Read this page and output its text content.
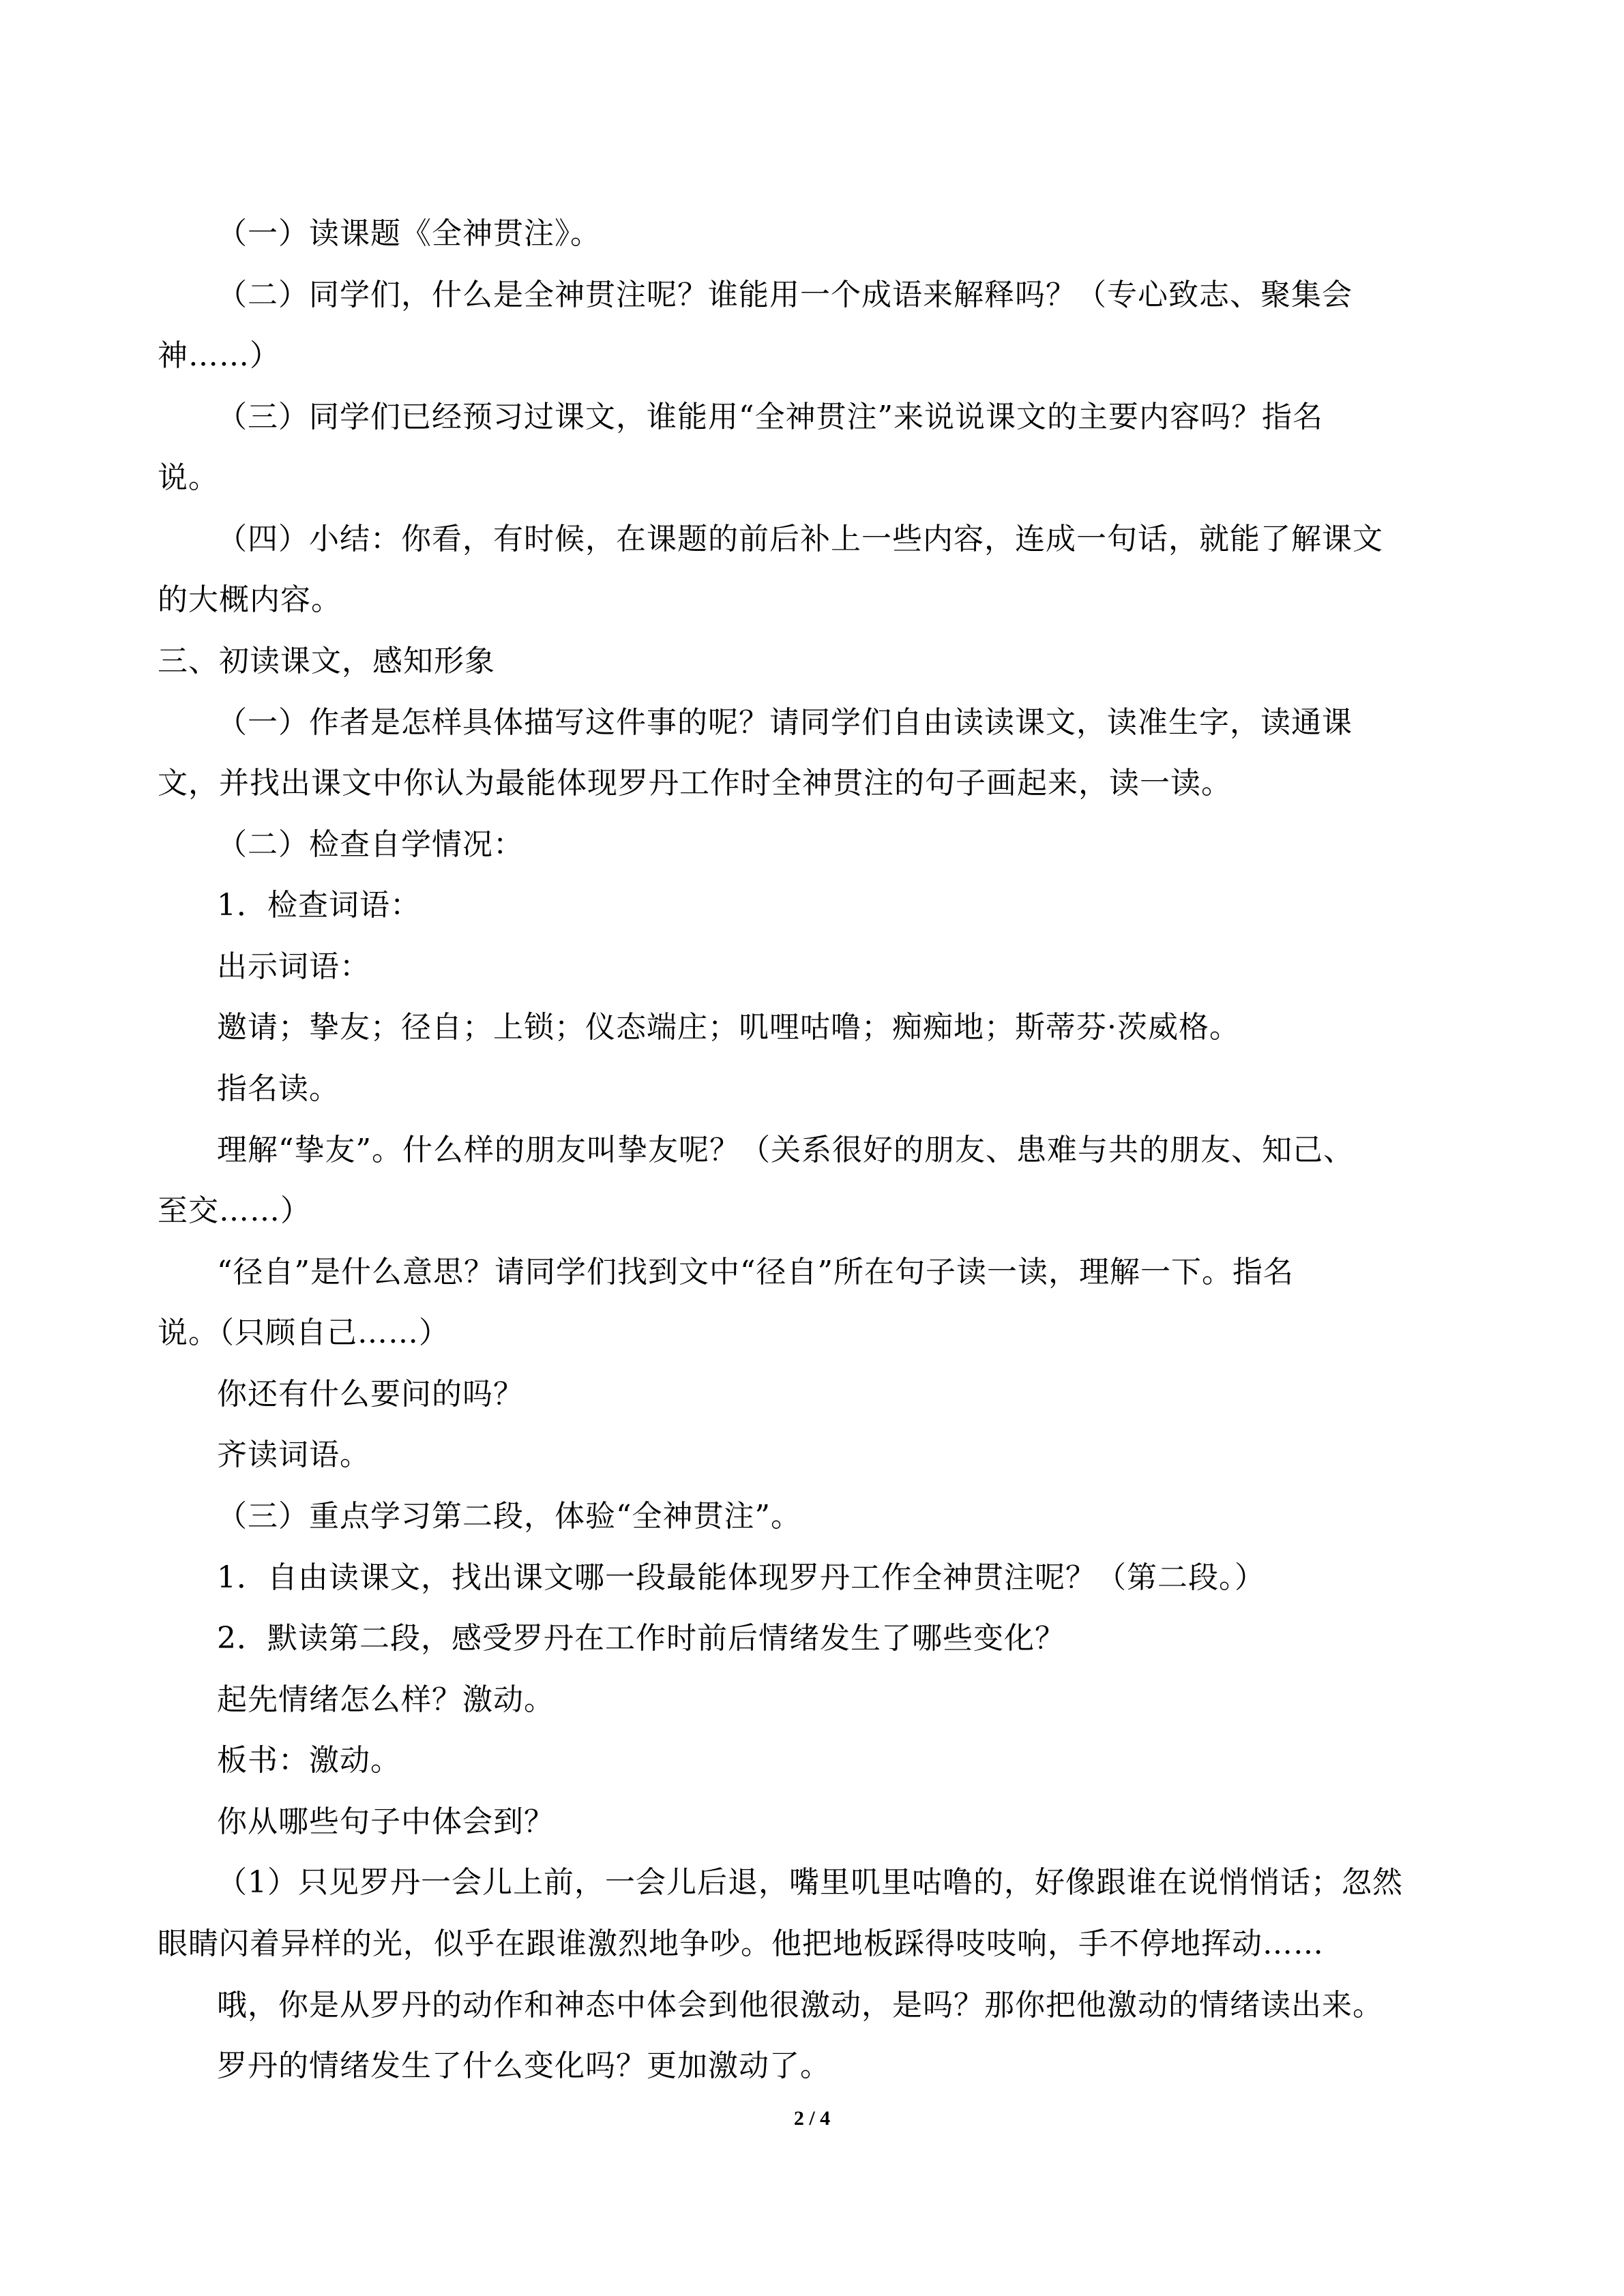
（一）读课题《全神贯注》。
（二）同学们，什么是全神贯注呢？谁能用一个成语来解释吗？（专心致志、聚集会
神……）
（三）同学们已经预习过课文，谁能用“全神贯注”来说说课文的主要内容吗？指名
说。
（四）小结：你看，有时候，在课题的前后补上一些内容，连成一句话，就能了解课文
的大概内容。
三、初读课文，感知形象
（一）作者是怎样具体描写这件事的呢？请同学们自由读读课文，读准生字，读通课
文，并找出课文中你认为最能体现罗丹工作时全神贯注的句子画起来，读一读。
（二）检查自学情况：
1．检查词语：
出示词语：
邀请；挚友；径自；上锁；仪态端庄；叽哩咕噜；痴痴地；斯蒂芬·茨威格。
指名读。
理解“挚友”。什么样的朋友叫挚友呢？（关系很好的朋友、患难与共的朋友、知己、
至交……）
“径自”是什么意思？请同学们找到文中“径自”所在句子读一读，理解一下。指名
说。（只顾自己……）
你还有什么要问的吗？
齐读词语。
（三）重点学习第二段，体验“全神贯注”。
1．自由读课文，找出课文哪一段最能体现罗丹工作全神贯注呢？（第二段。）
2．默读第二段，感受罗丹在工作时前后情绪发生了哪些变化？
起先情绪怎么样？激动。
板书：激动。
你从哪些句子中体会到？
（1）只见罗丹一会儿上前，一会儿后退，嘴里叽里咕噜的，好像跟谁在说悄悄话；忽然
眼睛闪着异样的光，似乎在跟谁激烈地争吵。他把地板踩得吱吱响，手不停地挥动……
哦，你是从罗丹的动作和神态中体会到他很激动，是吗？那你把他激动的情绪读出来。
罗丹的情绪发生了什么变化吗？更加激动了。
2 / 4
